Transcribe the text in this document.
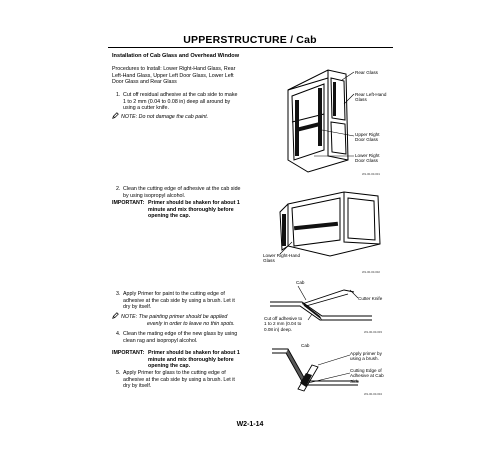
UPPERSTRUCTURE / Cab
Installation of Cab Glass and Overhead Window
Procedures to Install: Lower Right-Hand Glass, Rear
Left-Hand Glass, Upper Left Door Glass, Lower Left
Door Glass and Rear Glass
1. Cut off residual adhesive at the cab side to make
1 to 2 mm (0.04 to 0.08 in) deep all around by
using a cutter knife.
NOTE: Do not damage the cab paint.
2. Clean the cutting edge of adhesive at the cab side
by using isopropyl alcohol.
IMPORTANT: Primer should be shaken for about 1
minute and mix thoroughly before
opening the cap.
3. Apply Primer for paint to the cutting edge of
adhesive at the cab side by using a brush. Let it
dry by itself.
NOTE: The painting primer should be applied
evenly in order to leave no thin spots.
4. Clean the mating edge of the new glass by using
clean rag and isopropyl alcohol.
IMPORTANT: Primer should be shaken for about 1
minute and mix thoroughly before
opening the cap.
5. Apply Primer for glass to the cutting edge of
adhesive at the cab side by using a brush. Let it
dry by itself.
Rear Glass
Rear Left-Hand
Glass
Upper Right
Door Glass
Lower Right
Door Glass
W1-00-00-001
Lower Right-Hand
Glass
W1-00-00-002
Cab
Cutter Knife
Cut off adhesive to
1 to 2 mm (0.04 to
0.08 in) deep.
W1-00-00-003
Cab
Apply primer by
using a brush.
Cutting Edge of
Adhesive at Cab
Side
W1-00-00-004
W2-1-14
